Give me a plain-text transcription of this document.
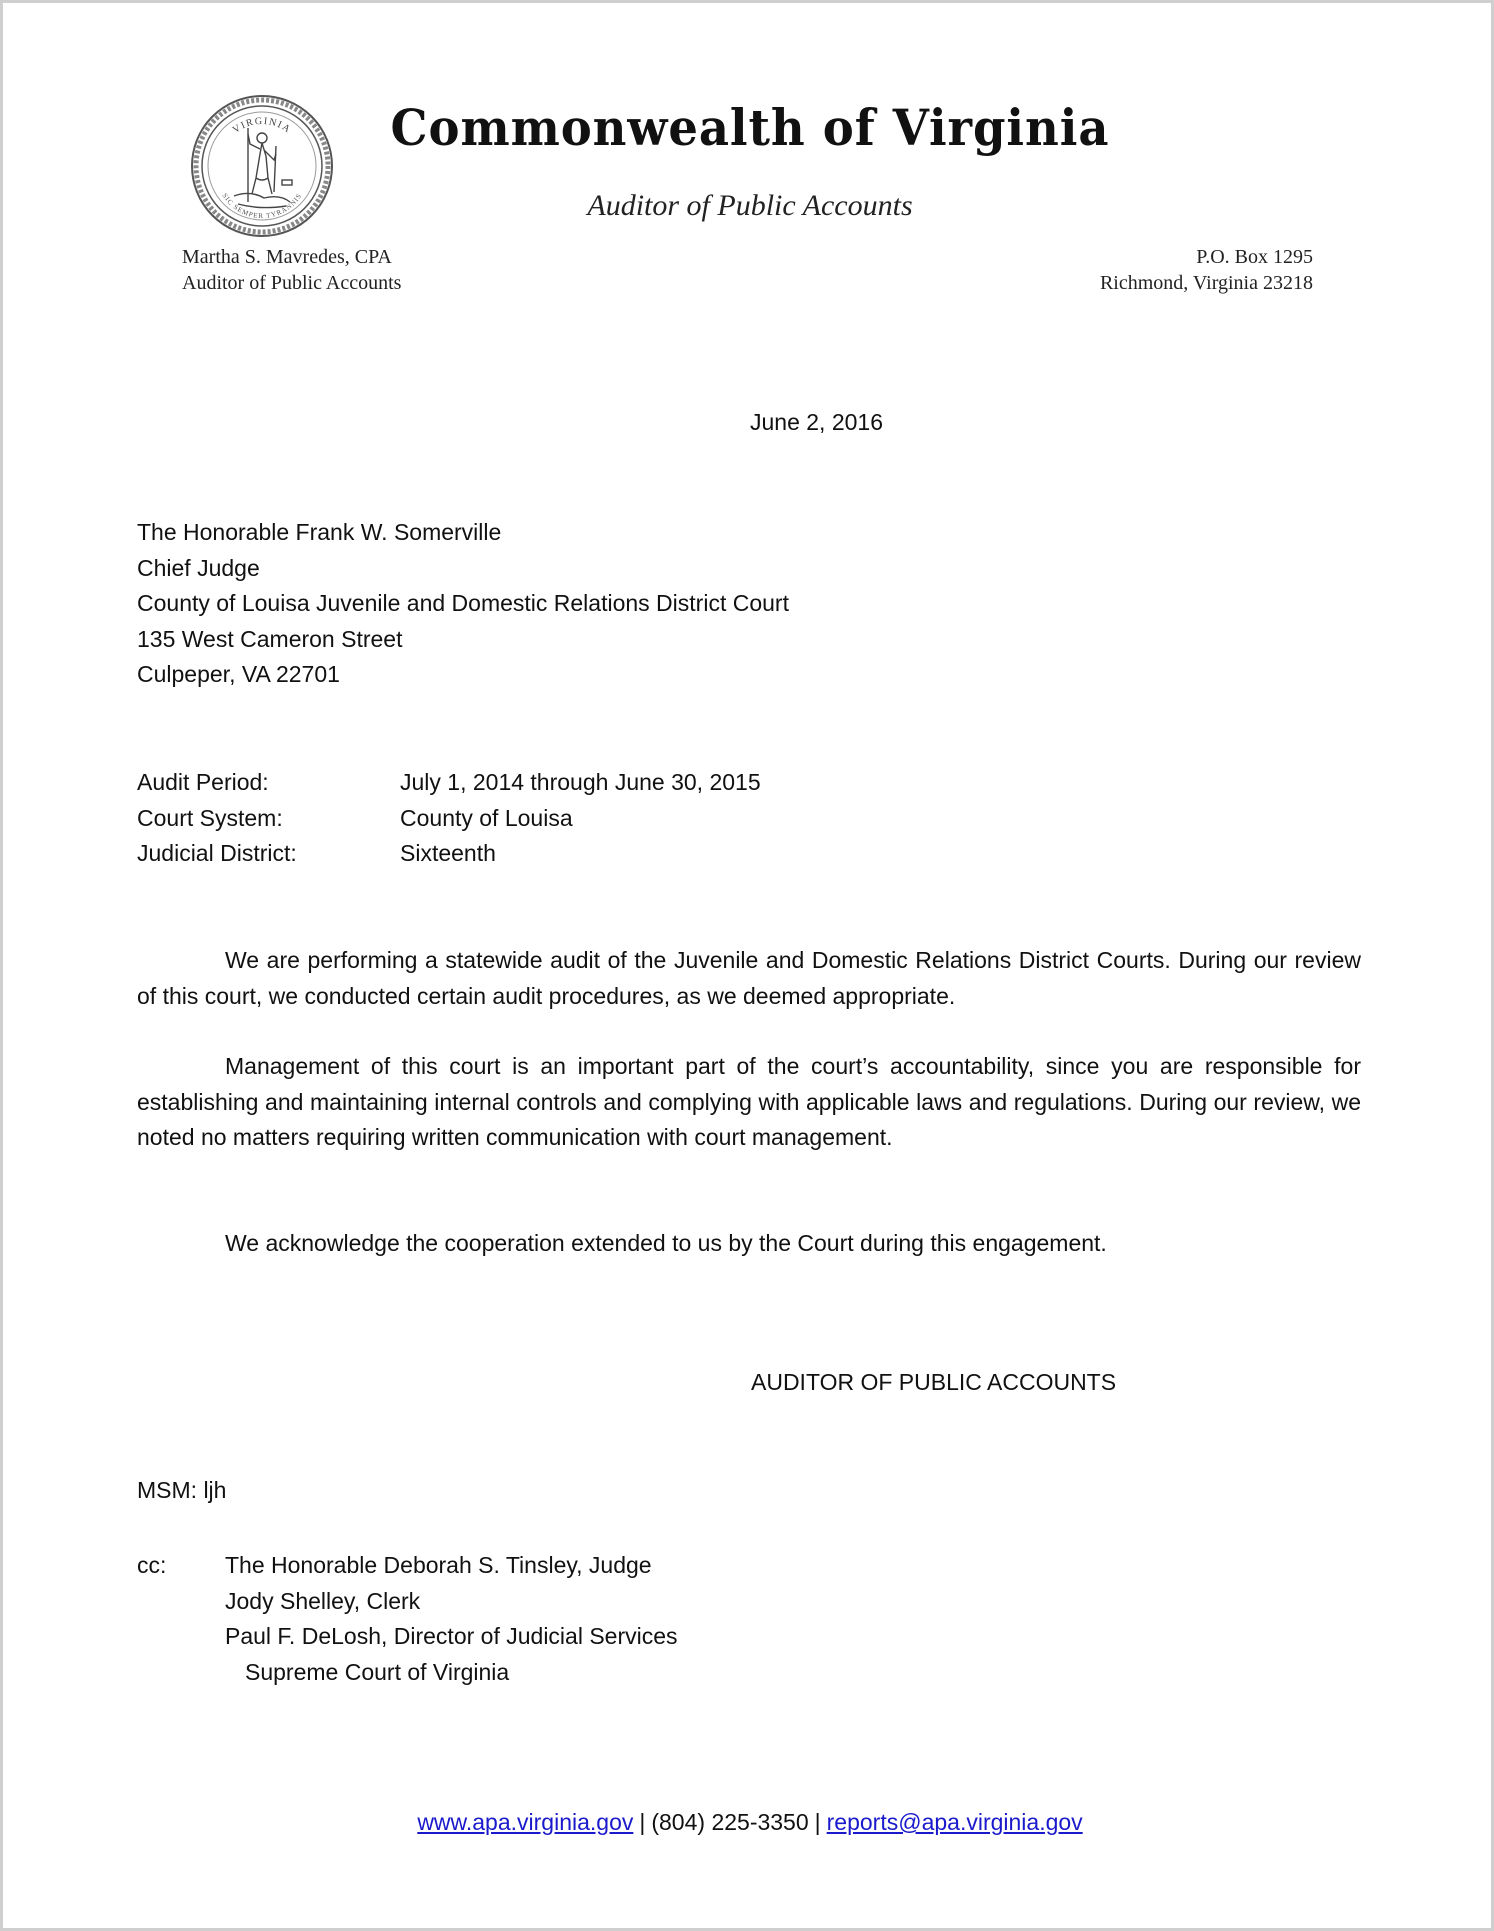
VIRGINIA
SIC SEMPER TYRANNIS
Commonwealth of Virginia
Auditor of Public Accounts
Martha S. Mavredes, CPA
Auditor of Public Accounts
P.O. Box 1295
Richmond, Virginia 23218
June 2, 2016
The Honorable Frank W. Somerville
Chief Judge
County of Louisa Juvenile and Domestic Relations District Court
135 West Cameron Street
Culpeper, VA 22701
Audit Period:	July 1, 2014 through June 30, 2015
Court System:	County of Louisa
Judicial District:	Sixteenth
We are performing a statewide audit of the Juvenile and Domestic Relations District Courts. During our review of this court, we conducted certain audit procedures, as we deemed appropriate.
Management of this court is an important part of the court’s accountability, since you are responsible for establishing and maintaining internal controls and complying with applicable laws and regulations. During our review, we noted no matters requiring written communication with court management.
We acknowledge the cooperation extended to us by the Court during this engagement.
AUDITOR OF PUBLIC ACCOUNTS
MSM: ljh
cc:	The Honorable Deborah S. Tinsley, Judge
Jody Shelley, Clerk
Paul F. DeLosh, Director of Judicial Services
Supreme Court of Virginia
www.apa.virginia.gov | (804) 225-3350 | reports@apa.virginia.gov
